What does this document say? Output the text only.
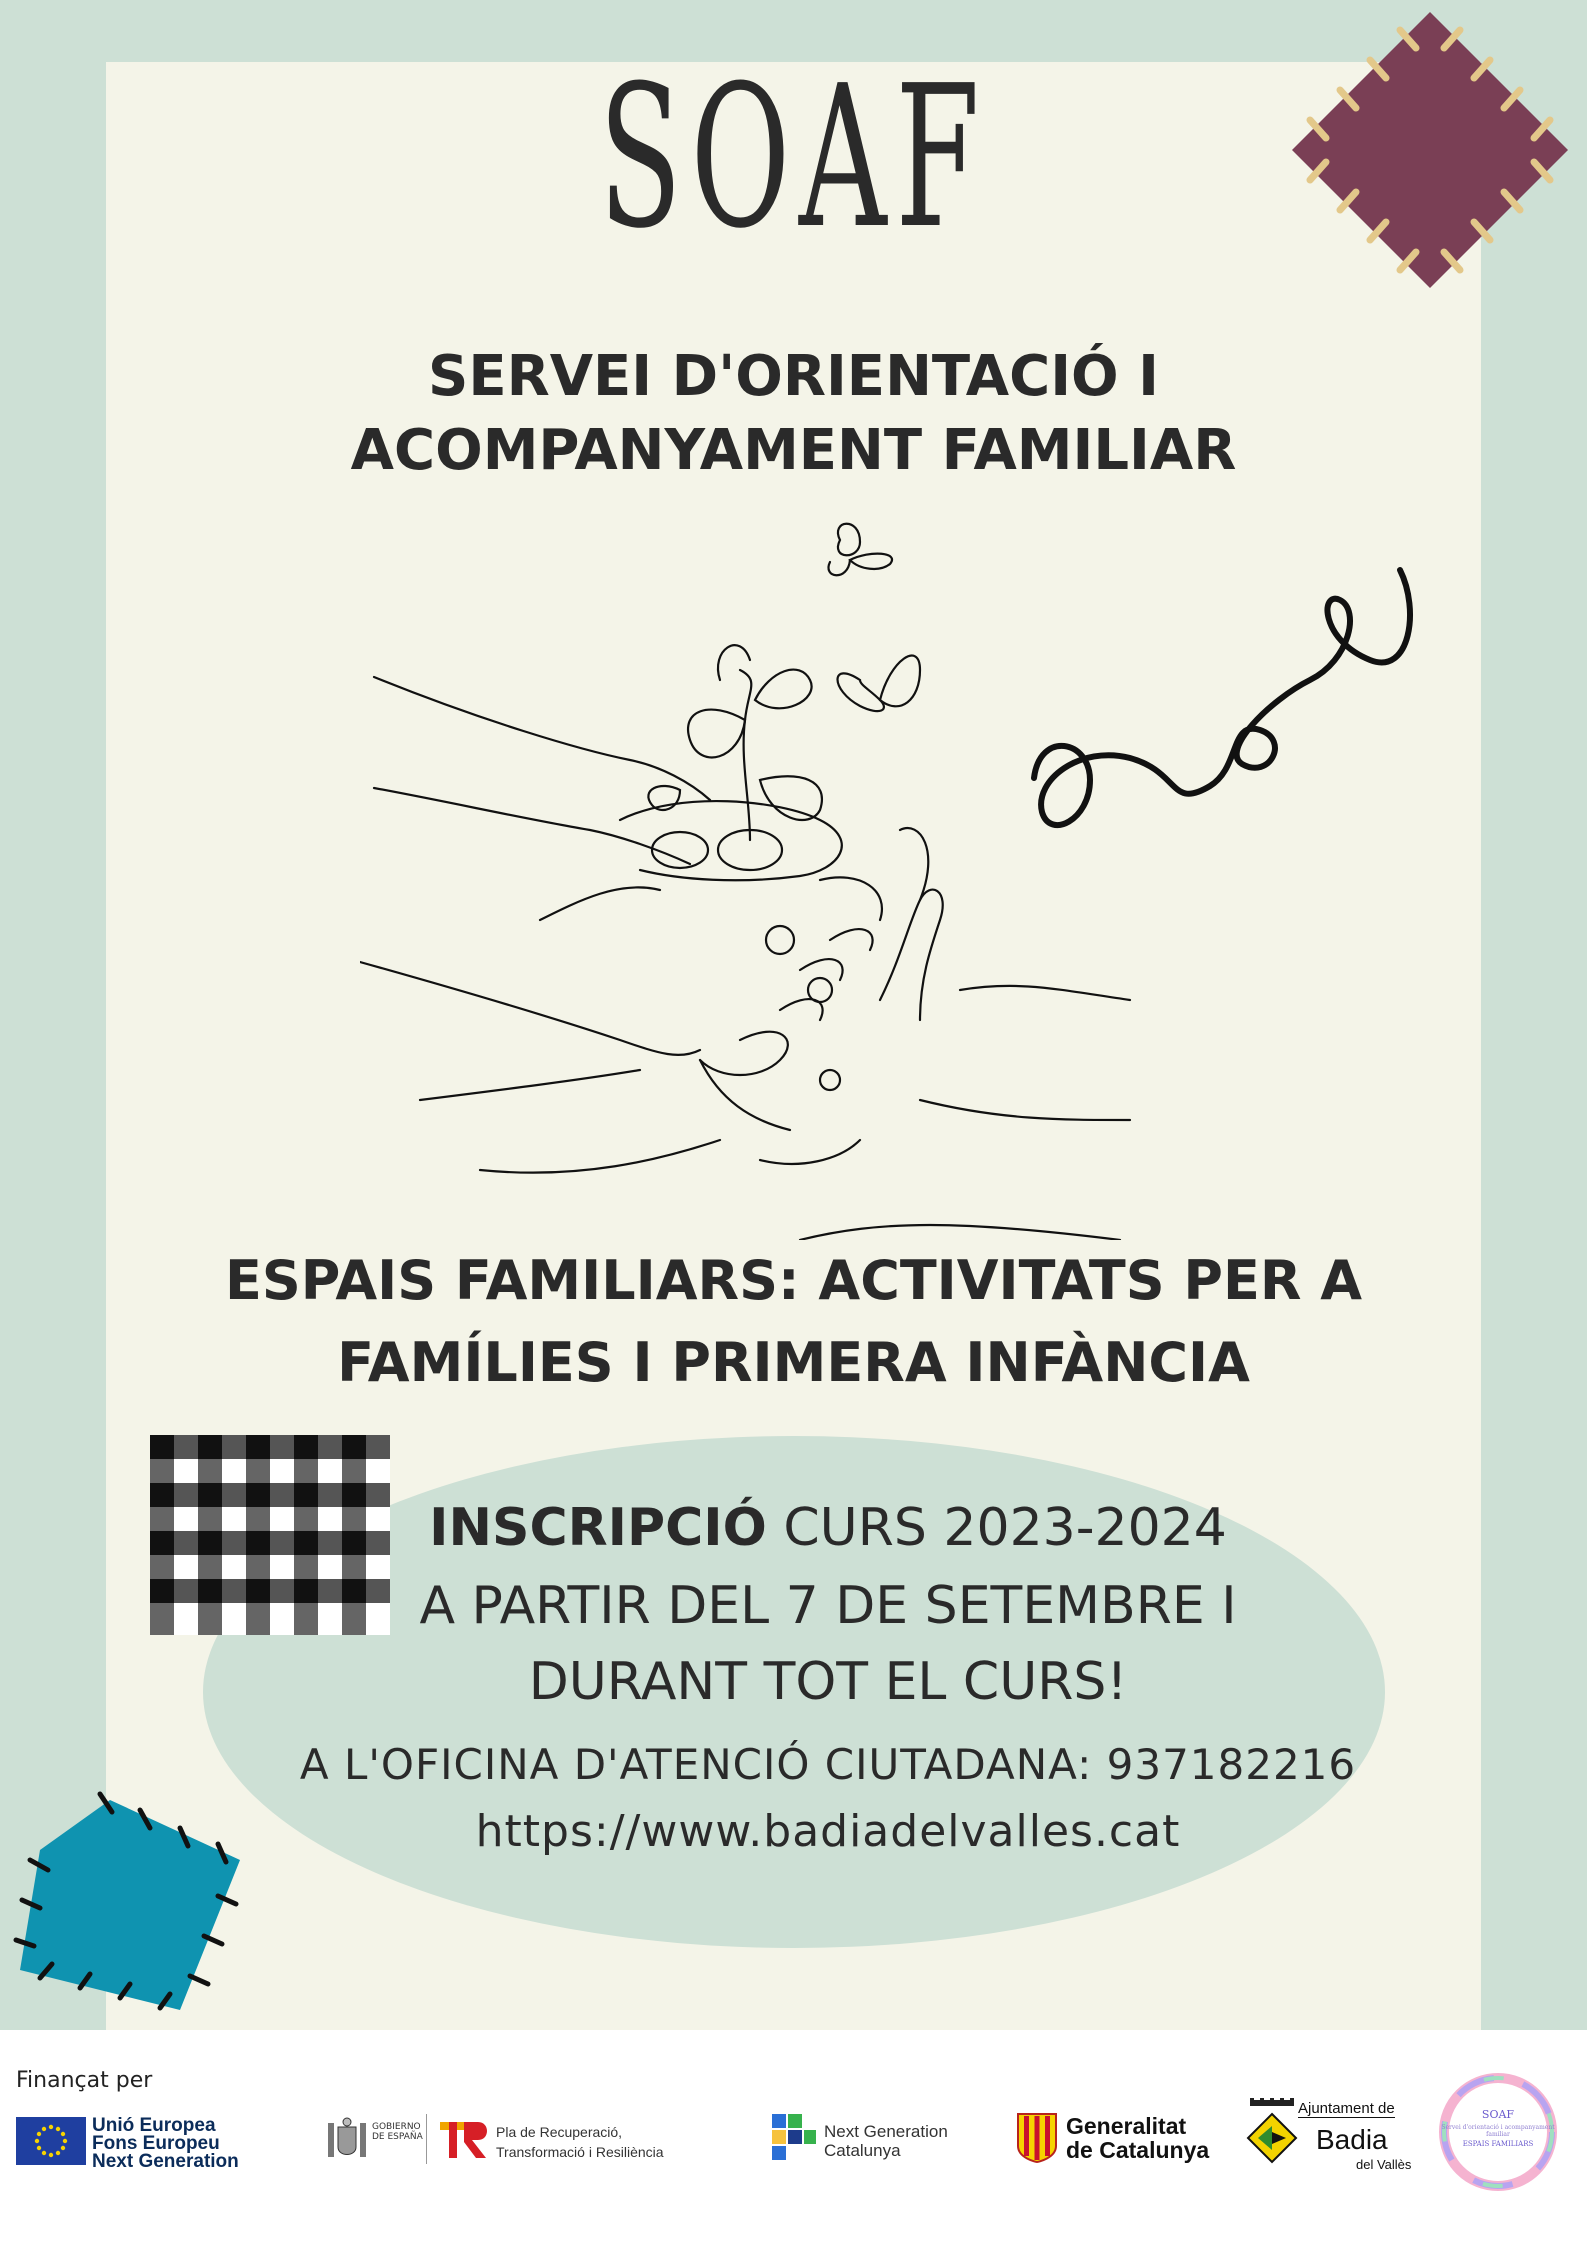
SOAF
SERVEI D'ORIENTACIÓ I
ACOMPANYAMENT FAMILIAR
ESPAIS FAMILIARS: ACTIVITATS PER A
FAMÍLIES I PRIMERA INFÀNCIA
INSCRIPCIÓ CURS 2023-2024
A PARTIR DEL 7 DE SETEMBRE I
DURANT TOT EL CURS!
A L'OFICINA D'ATENCIÓ CIUTADANA: 937182216
https://www.badiadelvalles.cat
Finançat per
Unió Europea
Fons Europeu
Next Generation
GOBIERNO
DE ESPAÑA	Pla de Recuperació,
Transformació i Resiliència
Next Generation
Catalunya
Generalitat
de Catalunya
Ajuntament de
Badia
del Vallès
SOAF
Servei d'orientació i acompanyament familiar
ESPAIS FAMILIARS
